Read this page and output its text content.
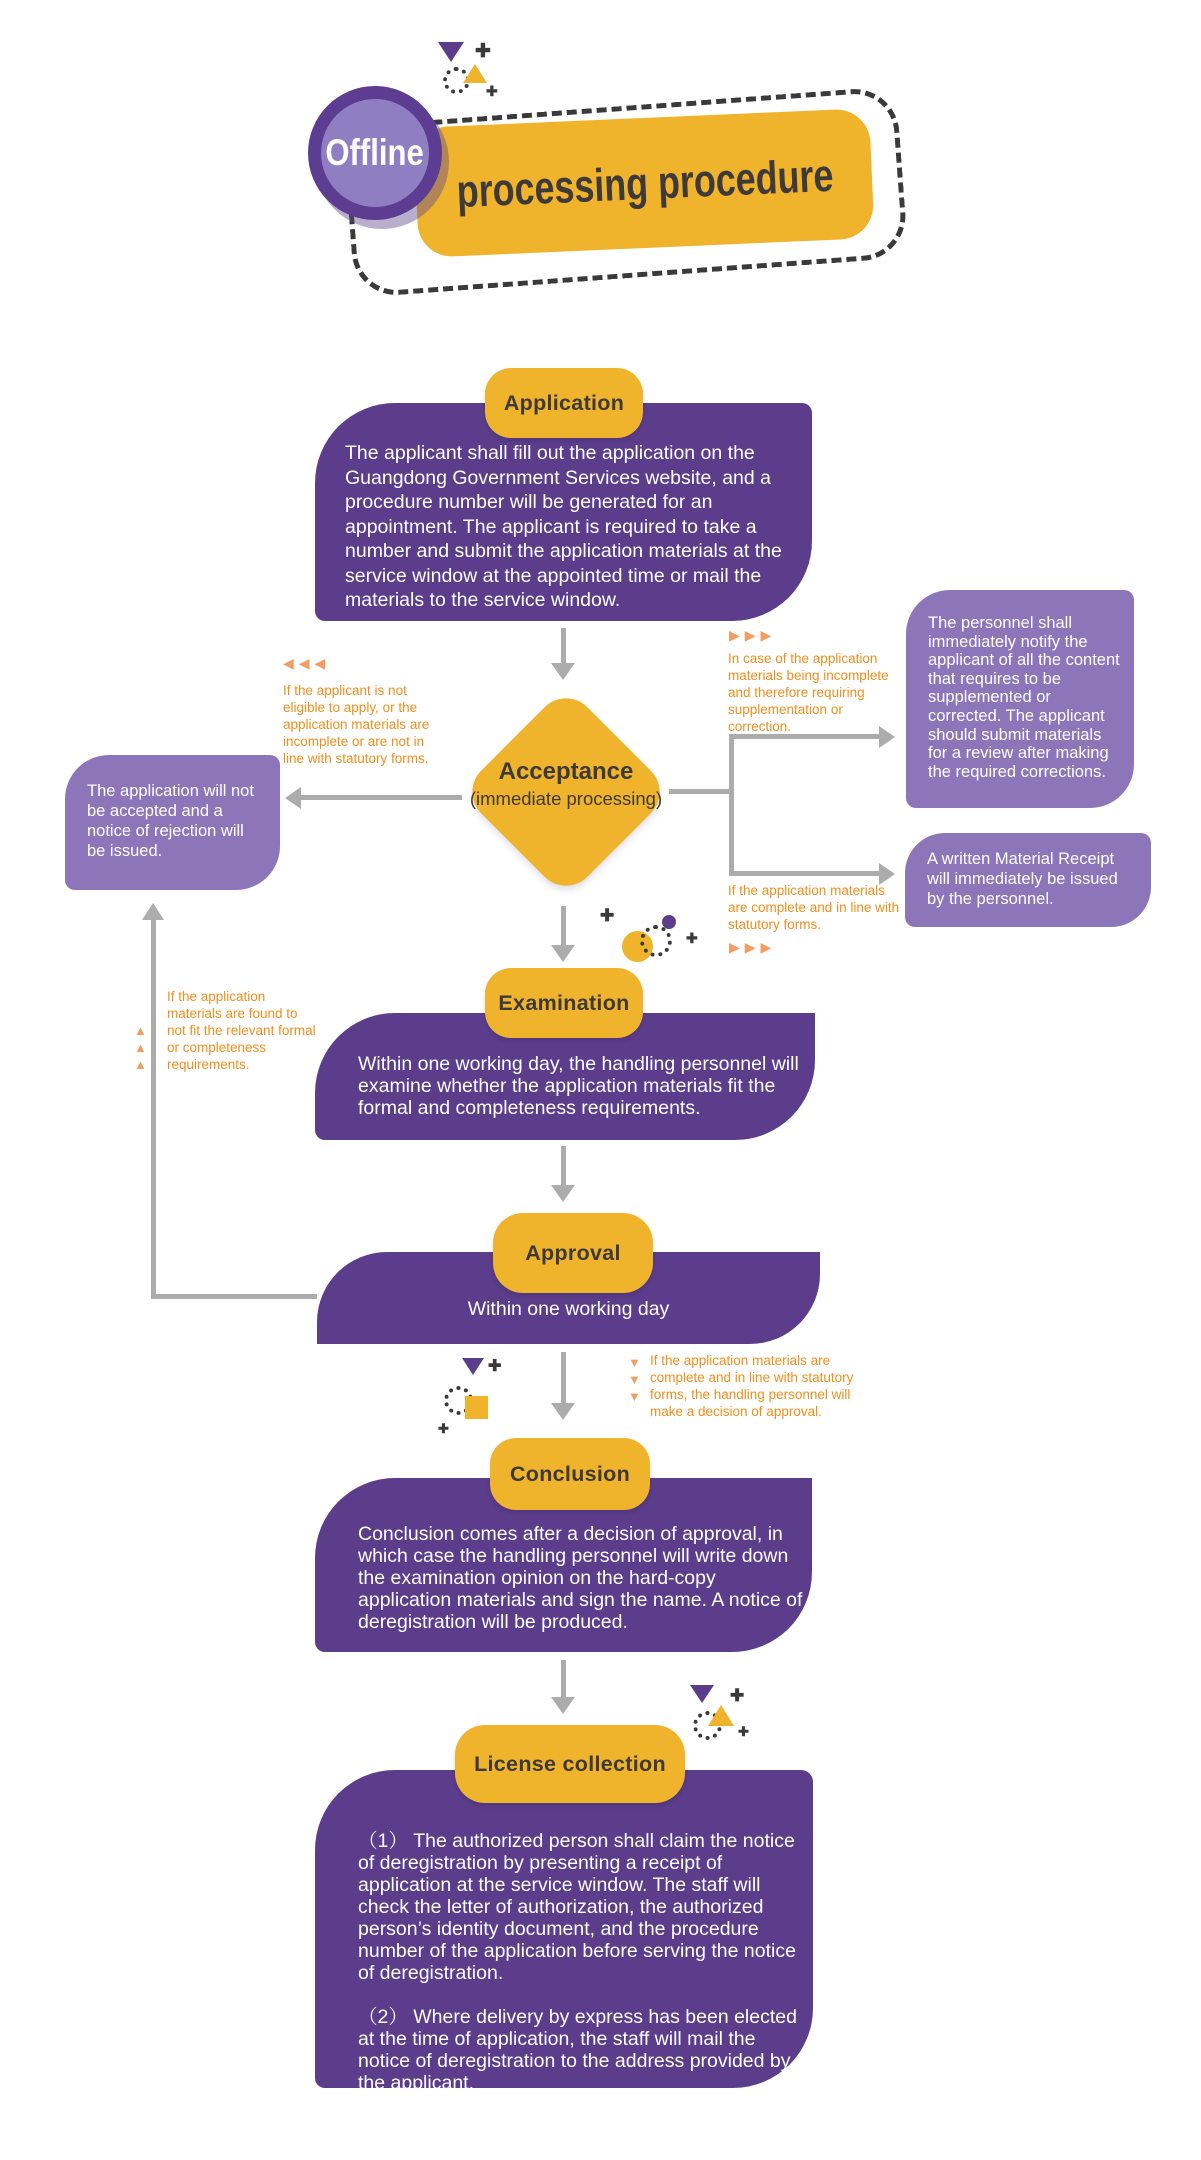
✚
✚
processing procedure
Offline

The applicant shall fill out the application on the Guangdong Government Services website, and a procedure number will be generated for an appointment. The applicant is required to take a number and submit the application materials at the service window at the appointed time or mail the materials to the service window.

Application
Acceptance
(immediate processing)
◀◀◀
If the applicant is not eligible to apply, or the application materials are incomplete or are not in line with statutory forms.

The application will not be accepted and a notice of rejection will be issued.

▶▶▶
In case of the application materials being incomplete and therefore requiring supplementation or correction.

The personnel shall immediately notify the applicant of all the content that requires to be supplemented or corrected. The applicant should submit materials for a review after making the required corrections.

If the application materials are complete and in line with statutory forms.
▶▶▶

A written Material Receipt will immediately be issued by the personnel.

✚
✚

Within one working day, the handling personnel will examine whether the application materials fit the formal and completeness requirements.

Examination
▲
▲
▲
If the application materials are found to not fit the relevant formal or completeness requirements.

Within one working day

Approval
▼
▼
▼
If the application materials are complete and in line with statutory forms, the handling personnel will make a decision of approval.
✚
✚

Conclusion comes after a decision of approval, in which case the handling personnel will write down the examination opinion on the hard-copy application materials and sign the name. A notice of deregistration will be produced.

Conclusion
✚
✚

（1） The authorized person shall claim the notice of deregistration by presenting a receipt of application at the service window. The staff will check the letter of authorization, the authorized person’s identity document, and the procedure number of the application before serving the notice of deregistration.

（2） Where delivery by express has been elected at the time of application, the staff will mail the notice of deregistration to the address provided by the applicant.

License collection
